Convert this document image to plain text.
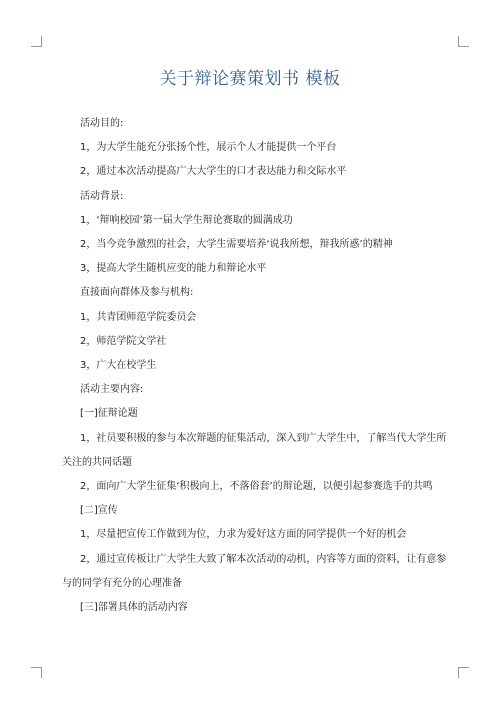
关于辩论赛策划书 模板

活动目的:

1，为大学生能充分张扬个性，展示个人才能提供一个平台

2，通过本次活动提高广大大学生的口才表达能力和交际水平

活动背景:

1，‘辩响校园’第一届大学生辩论赛取的圆满成功

2，当今竞争激烈的社会，大学生需要培养‘说我所想，辩我所惑’的精神

3，提高大学生随机应变的能力和辩论水平

直接面向群体及参与机构:

1，共青团师范学院委员会

2，师范学院文学社

3，广大在校学生

活动主要内容:

[一]征辩论题

1，社员要积极的参与本次辩题的征集活动，深入到广大学生中，了解当代大学生所关注的共同话题

2，面向广大学生征集‘积极向上，不落俗套’的辩论题，以便引起参赛选手的共鸣

[二]宣传

1，尽量把宣传工作做到为位，力求为爱好这方面的同学提供一个好的机会

2，通过宣传板让广大学生大致了解本次活动的动机，内容等方面的资料，让有意参与的同学有充分的心理准备

[三]部署具体的活动内容
